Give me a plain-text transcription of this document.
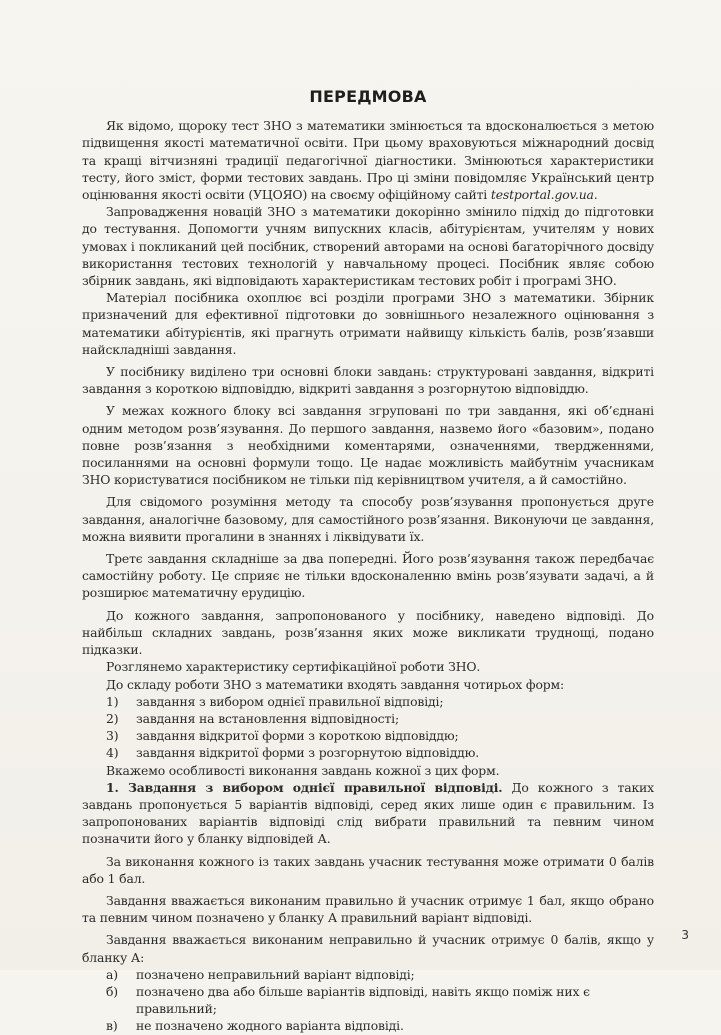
ПЕРЕДМОВА

Як відомо, щороку тест ЗНО з математики змінюється та вдосконалюється з метою підвищення якості математичної освіти. При цьому враховуються міжнародний досвід та кращі вітчизняні традиції педагогічної діагностики. Змінюються характеристики тесту, його зміст, форми тестових завдань. Про ці зміни повідомляє Український центр оцінювання якості освіти (УЦОЯО) на своєму офіційному сайті testportal.gov.ua.

Запровадження новацій ЗНО з математики докорінно змінило підхід до підготовки до тестування. Допомогти учням випускних класів, абітурієнтам, учителям у нових умовах і покликаний цей посібник, створений авторами на основі багаторічного досвіду використання тестових технологій у навчальному процесі. Посібник являє собою збірник завдань, які відповідають характеристикам тестових робіт і програмі ЗНО.

Матеріал посібника охоплює всі розділи програми ЗНО з математики. Збірник призначений для ефективної підготовки до зовнішнього незалежного оцінювання з математики абітурієнтів, які прагнуть отримати найвищу кількість балів, розв’язавши найскладніші завдання.

У посібнику виділено три основні блоки завдань: структуровані завдання, відкриті завдання з короткою відповіддю, відкриті завдання з розгорнутою відповіддю.

У межах кожного блоку всі завдання згруповані по три завдання, які об’єднані одним методом розв’язування. До першого завдання, назвемо його «базовим», подано повне розв’язання з необхідними коментарями, означеннями, твердженнями, посиланнями на основні формули тощо. Це надає можливість майбутнім учасникам ЗНО користуватися посібником не тільки під керівництвом учителя, а й самостійно.

Для свідомого розуміння методу та способу розв’язування пропонується друге завдання, аналогічне базовому, для самостійного розв’язання. Виконуючи це завдання, можна виявити прогалини в знаннях і ліквідувати їх.

Третє завдання складніше за два попередні. Його розв’язування також передбачає самостійну роботу. Це сприяє не тільки вдосконаленню вмінь розв’язувати задачі, а й розширює математичну ерудицію.

До кожного завдання, запропонованого у посібнику, наведено відповіді. До найбільш складних завдань, розв’язання яких може викликати труднощі, подано підказки.

Розглянемо характеристику сертифікаційної роботи ЗНО.

До складу роботи ЗНО з математики входять завдання чотирьох форм:

1) завдання з вибором однієї правильної відповіді;
2) завдання на встановлення відповідності;
3) завдання відкритої форми з короткою відповіддю;
4) завдання відкритої форми з розгорнутою відповіддю.

Вкажемо особливості виконання завдань кожної з цих форм.

1. Завдання з вибором однієї правильної відповіді. До кожного з таких завдань пропонується 5 варіантів відповіді, серед яких лише один є правильним. Із запропонованих варіантів відповіді слід вибрати правильний та певним чином позначити його у бланку відповідей А.

За виконання кожного із таких завдань учасник тестування може отримати 0 балів або 1 бал.

Завдання вважається виконаним правильно й учасник отримує 1 бал, якщо обрано та певним чином позначено у бланку А правильний варіант відповіді.

Завдання вважається виконаним неправильно й учасник отримує 0 балів, якщо у бланку А:

а) позначено неправильний варіант відповіді;
б) позначено два або більше варіантів відповіді, навіть якщо поміж них є правильний;
в) не позначено жодного варіанта відповіді.
3
